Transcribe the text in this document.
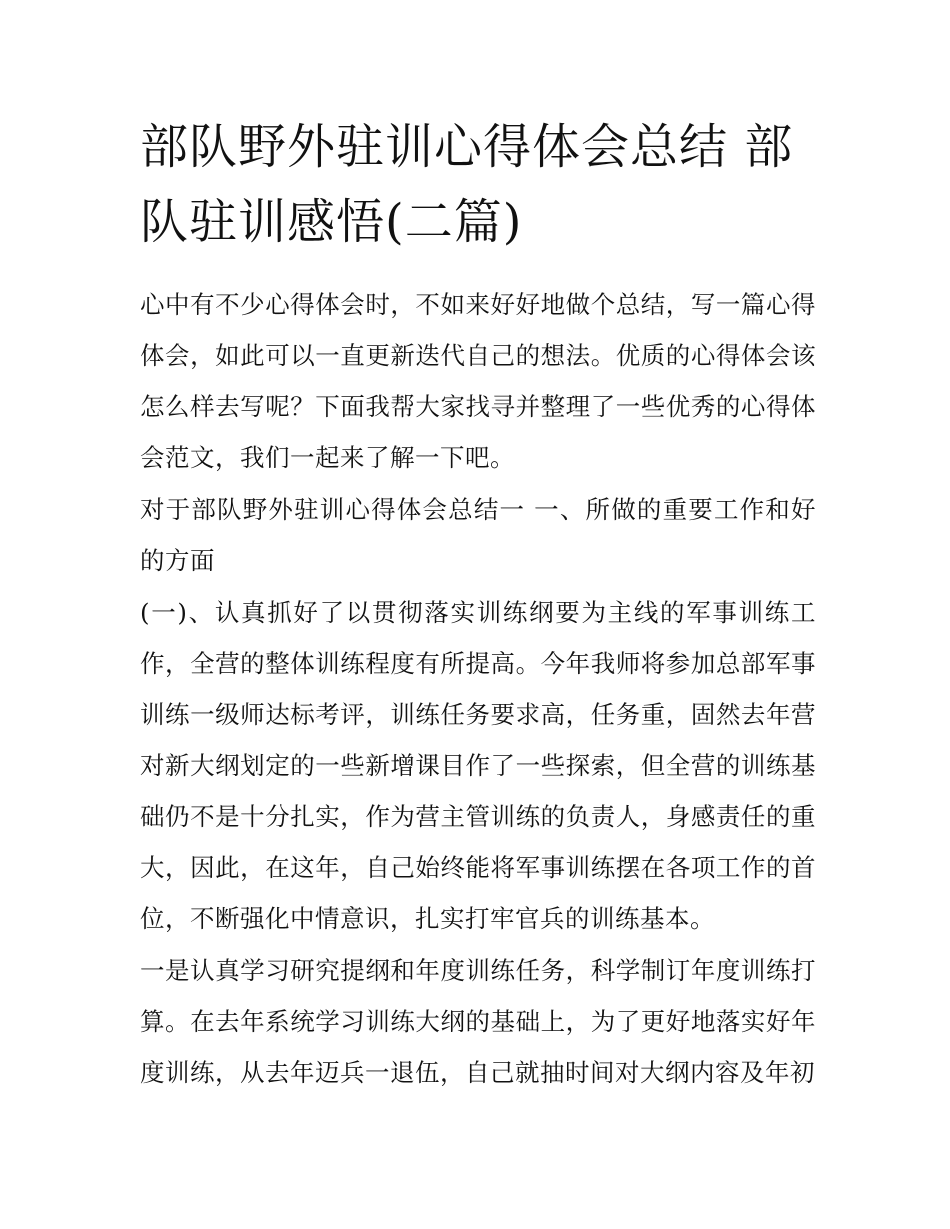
部队野外驻训心得体会总结 部队驻训感悟(二篇)

心中有不少心得体会时，不如来好好地做个总结，写一篇心得体会，如此可以一直更新迭代自己的想法。优质的心得体会该怎么样去写呢？下面我帮大家找寻并整理了一些优秀的心得体会范文，我们一起来了解一下吧。

对于部队野外驻训心得体会总结一 一、所做的重要工作和好的方面

(一)、认真抓好了以贯彻落实训练纲要为主线的军事训练工作，全营的整体训练程度有所提高。今年我师将参加总部军事训练一级师达标考评，训练任务要求高，任务重，固然去年营对新大纲划定的一些新增课目作了一些探索，但全营的训练基础仍不是十分扎实，作为营主管训练的负责人，身感责任的重大，因此，在这年，自己始终能将军事训练摆在各项工作的首位，不断强化中情意识，扎实打牢官兵的训练基本。

一是认真学习研究提纲和年度训练任务，科学制订年度训练打算。在去年系统学习训练大纲的基础上，为了更好地落实好年度训练，从去年迈兵一退伍，自己就抽时间对大纲内容及年初
